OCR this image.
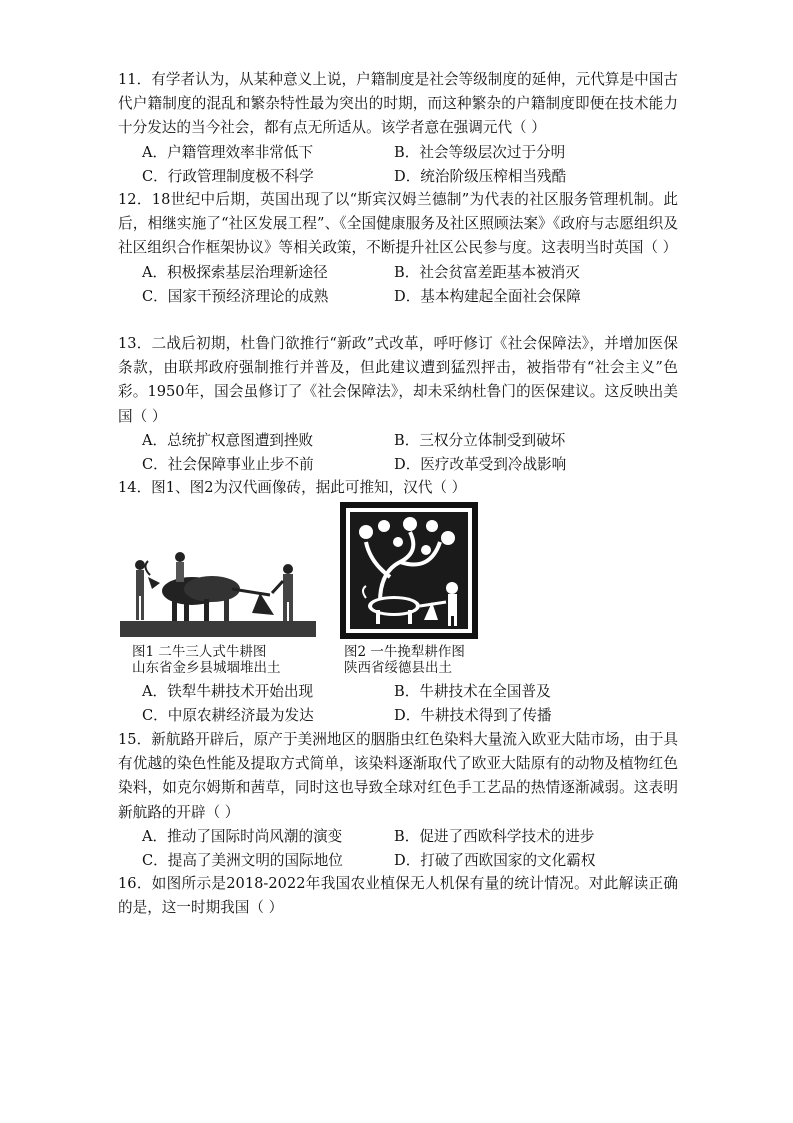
11．有学者认为，从某种意义上说，户籍制度是社会等级制度的延伸，元代算是中国古代户籍制度的混乱和繁杂特性最为突出的时期，而这种繁杂的户籍制度即便在技术能力十分发达的当今社会，都有点无所适从。该学者意在强调元代（ ）

A．户籍管理效率非常低下	B．社会等级层次过于分明
C．行政管理制度极不科学	D．统治阶级压榨相当残酷

12．18世纪中后期，英国出现了以“斯宾汉姆兰德制”为代表的社区服务管理机制。此后，相继实施了“社区发展工程”、《全国健康服务及社区照顾法案》《政府与志愿组织及社区组织合作框架协议》等相关政策，不断提升社区公民参与度。这表明当时英国（ ）

A．积极探索基层治理新途径	B．社会贫富差距基本被消灭
C．国家干预经济理论的成熟	D．基本构建起全面社会保障

13．二战后初期，杜鲁门欲推行“新政”式改革，呼吁修订《社会保障法》，并增加医保条款，由联邦政府强制推行并普及，但此建议遭到猛烈抨击，被指带有“社会主义”色彩。1950年，国会虽修订了《社会保障法》，却未采纳杜鲁门的医保建议。这反映出美国（ ）

A．总统扩权意图遭到挫败	B．三权分立体制受到破坏
C．社会保障事业止步不前	D．医疗改革受到冷战影响

14．图1、图2为汉代画像砖，据此可推知，汉代（ ）

图1 二牛三人式牛耕图
山东省金乡县城堌堆出土
图2 一牛挽犁耕作图
陕西省绥德县出土
A．铁犁牛耕技术开始出现	B．牛耕技术在全国普及
C．中原农耕经济最为发达	D．牛耕技术得到了传播

15．新航路开辟后，原产于美洲地区的胭脂虫红色染料大量流入欧亚大陆市场，由于具有优越的染色性能及提取方式简单，该染料逐渐取代了欧亚大陆原有的动物及植物红色染料，如克尔姆斯和茜草，同时这也导致全球对红色手工艺品的热情逐渐减弱。这表明新航路的开辟（ ）

A．推动了国际时尚风潮的演变	B．促进了西欧科学技术的进步
C．提高了美洲文明的国际地位	D．打破了西欧国家的文化霸权

16．如图所示是2018-2022年我国农业植保无人机保有量的统计情况。对此解读正确的是，这一时期我国（ ）
